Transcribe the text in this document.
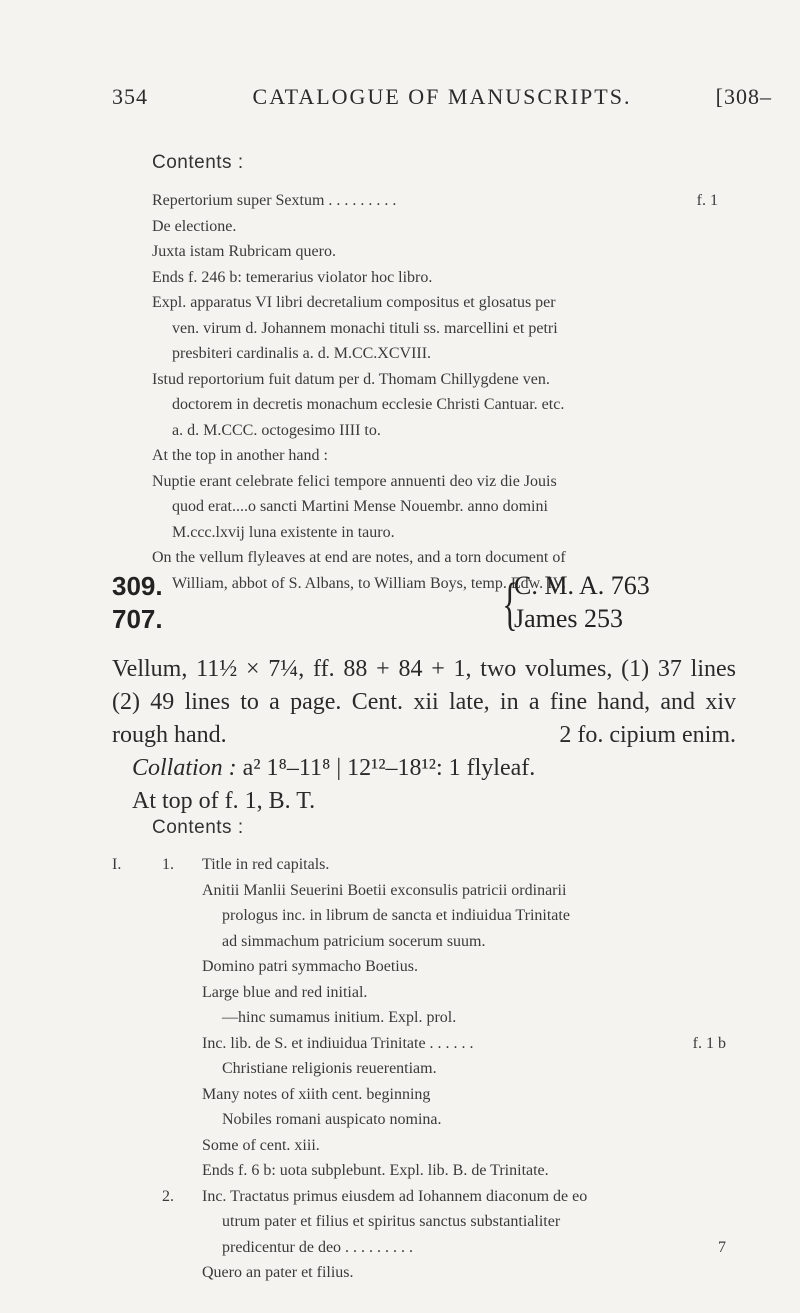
354	CATALOGUE OF MANUSCRIPTS.	[308–
Contents :
Repertorium super Sextum . . . . . . . . .	f. 1
De electione.
Juxta istam Rubricam quero.
Ends f. 246 b: temerarius violator hoc libro.
Expl. apparatus VI libri decretalium compositus et glosatus per
ven. virum d. Johannem monachi tituli ss. marcellini et petri
presbiteri cardinalis a. d. M.CC.XCVIII.
Istud reportorium fuit datum per d. Thomam Chillygdene ven.
doctorem in decretis monachum ecclesie Christi Cantuar. etc.
a. d. M.CCC. octogesimo IIII to.
At the top in another hand :
Nuptie erant celebrate felici tempore annuenti deo viz die Jouis
quod erat....o sancti Martini Mense Nouembr. anno domini
M.ccc.lxvij luna existente in tauro.
On the vellum flyleaves at end are notes, and a torn document of
William, abbot of S. Albans, to William Boys, temp. Edw. IV.
309.
707.	{
C. M. A. 763
James 253
Vellum, 11½ × 7¼, ff. 88 + 84 + 1, two volumes, (1) 37 lines
(2) 49 lines to a page. Cent. xii late, in a fine hand, and xiv
rough hand.	2 fo. cipium enim.
Collation : a² 1⁸–11⁸ | 12¹²–18¹²: 1 flyleaf.
At top of f. 1, B. T.
Contents :
I.	1. Title in red capitals.
Anitii Manlii Seuerini Boetii exconsulis patricii ordinarii
prologus inc. in librum de sancta et indiuidua Trinitate
ad simmachum patricium socerum suum.
Domino patri symmacho Boetius.
Large blue and red initial.
—hinc sumamus initium. Expl. prol.
Inc. lib. de S. et indiuidua Trinitate . . . . . .	f. 1 b
Christiane religionis reuerentiam.
Many notes of xiith cent. beginning
Nobiles romani auspicato nomina.
Some of cent. xiii.
Ends f. 6 b: uota subplebunt. Expl. lib. B. de Trinitate.
2. Inc. Tractatus primus eiusdem ad Iohannem diaconum de eo
utrum pater et filius et spiritus sanctus substantialiter
predicentur de deo . . . . . . . . .	7
Quero an pater et filius.
